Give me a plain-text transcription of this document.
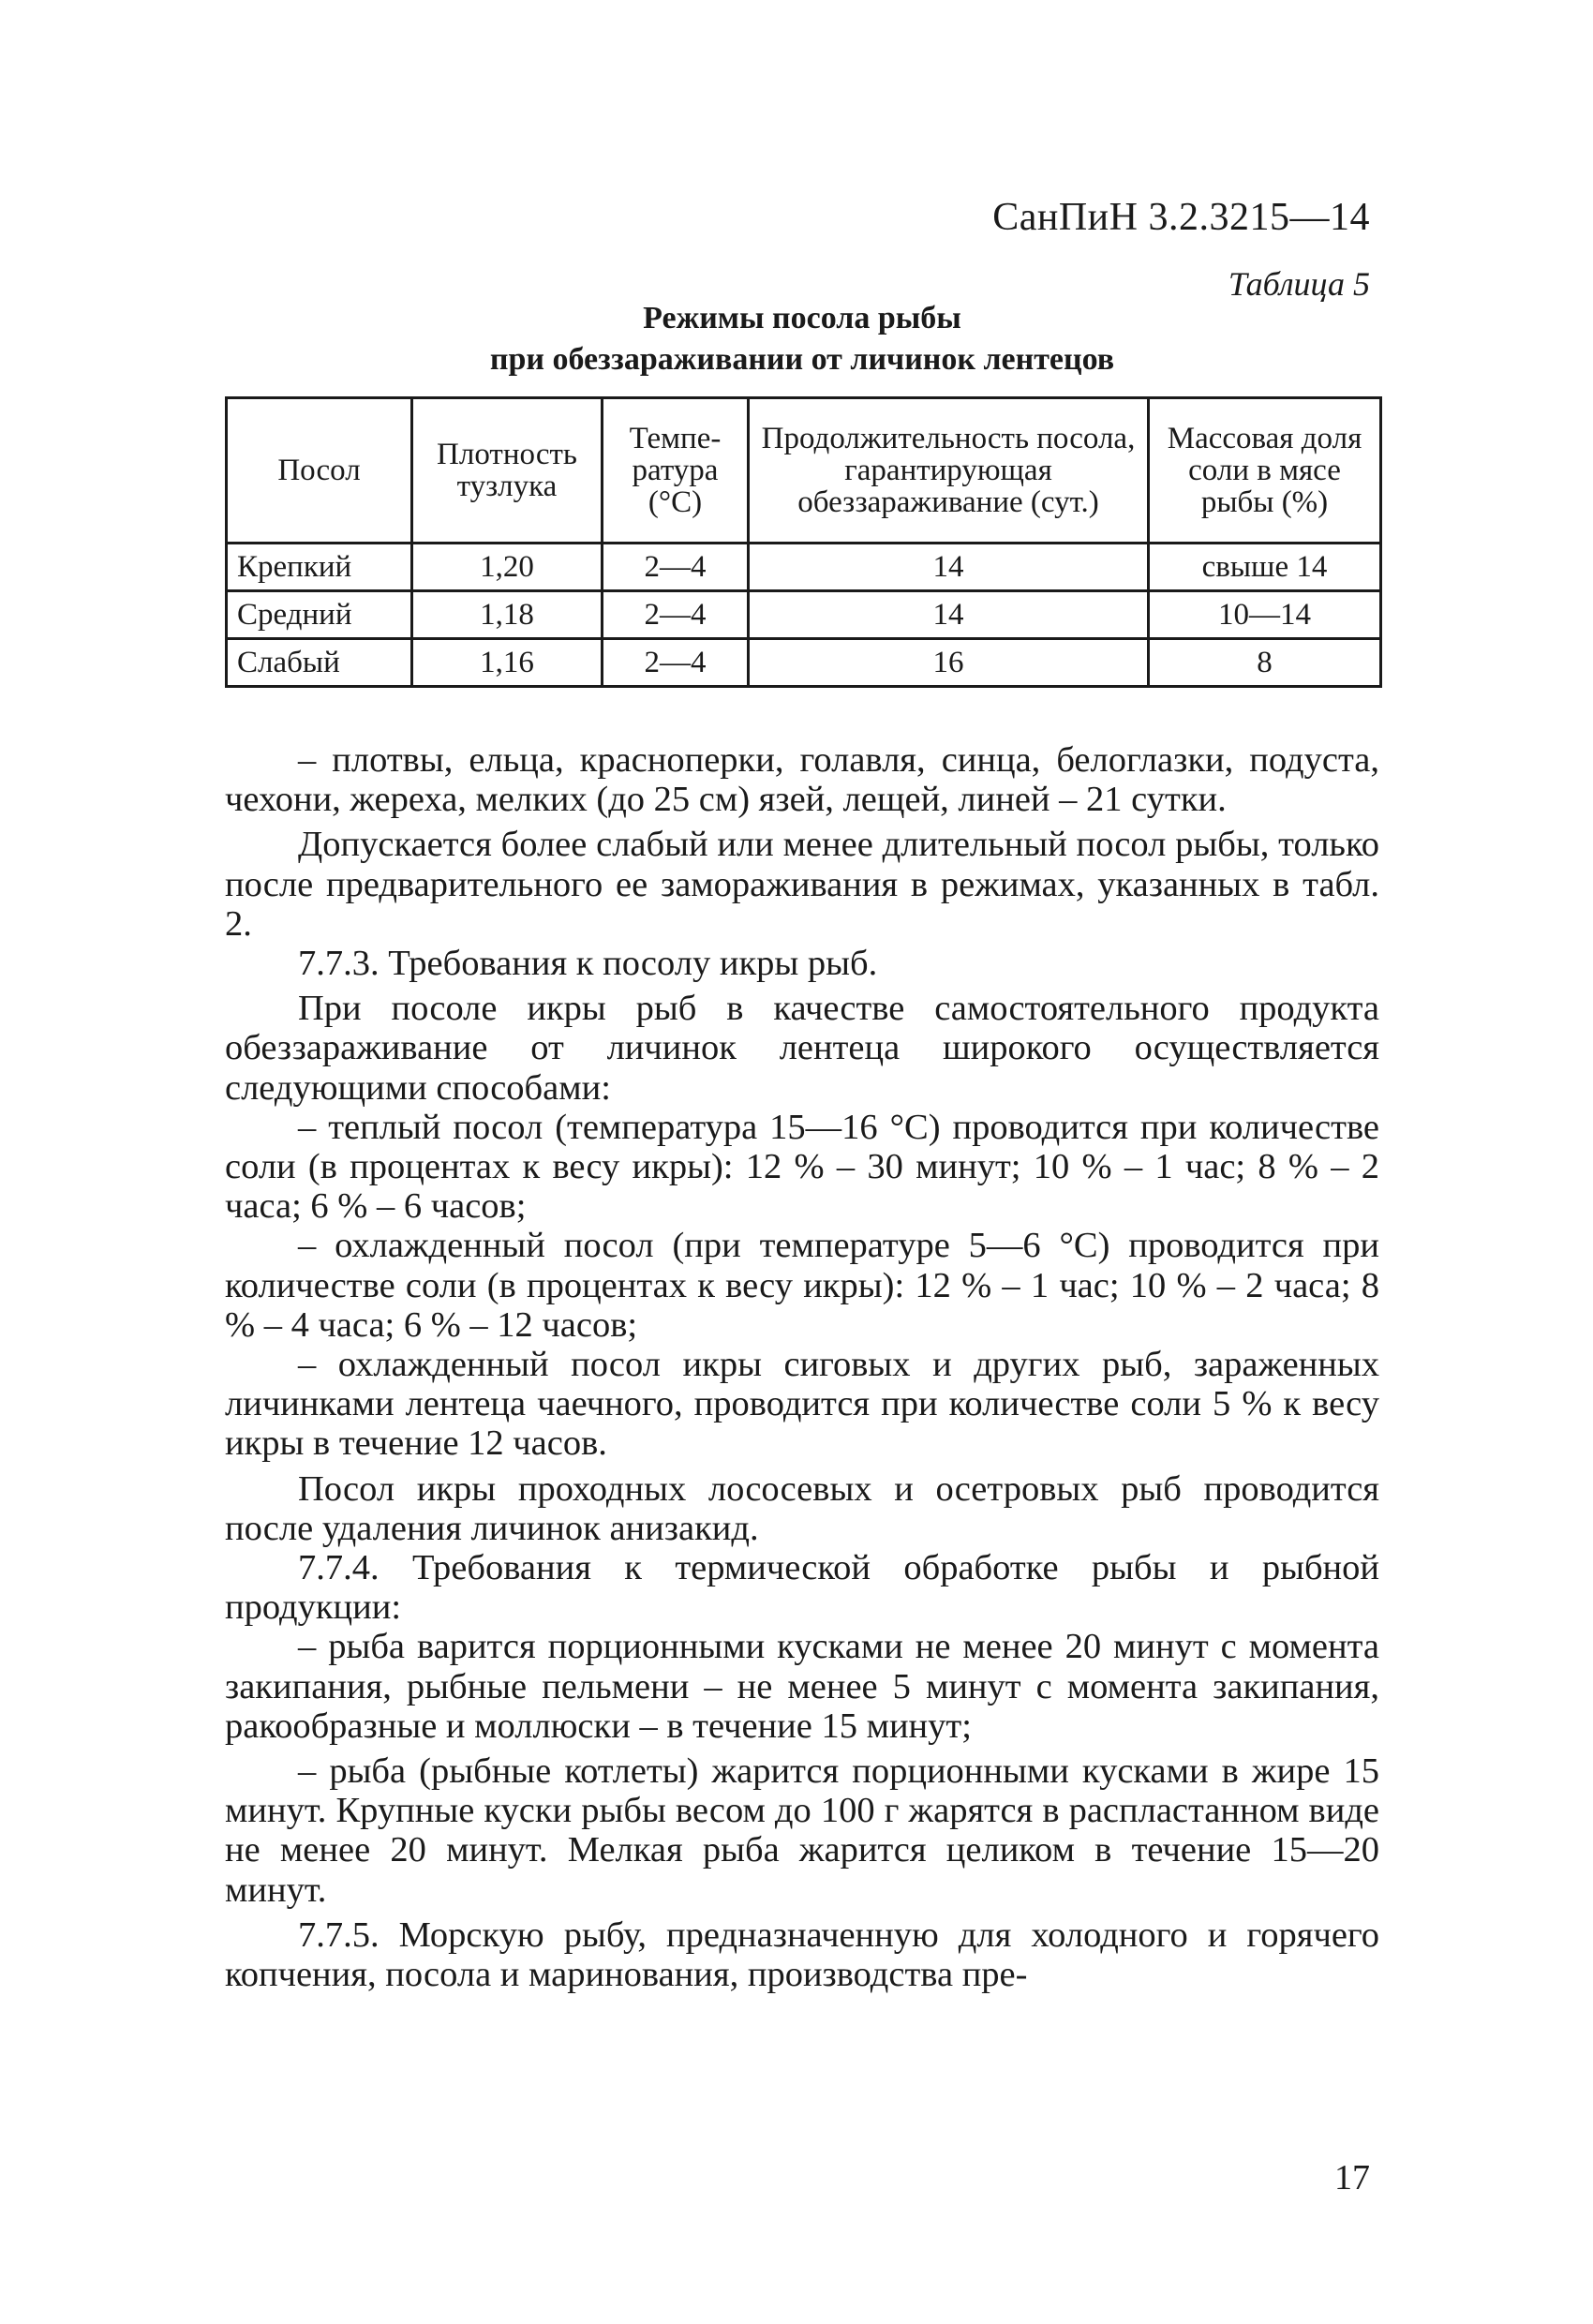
СанПиН 3.2.3215—14
Таблица 5
Режимы посола рыбы
при обеззараживании от личинок лентецов
Посол	Плотность тузлука	Темпе-ратура (°С)	Продолжительность посола, гарантирующая обеззараживание (сут.)	Массовая доля соли в мясе рыбы (%)
Крепкий	1,20	2—4	14	свыше 14
Средний	1,18	2—4	14	10—14
Слабый	1,16	2—4	16	8

– плотвы, ельца, красноперки, голавля, синца, белоглазки, подуста, чехони, жереха, мелких (до 25 см) язей, лещей, линей – 21 сутки.

Допускается более слабый или менее длительный посол рыбы, только после предварительного ее замораживания в режимах, указанных в табл. 2.

7.7.3. Требования к посолу икры рыб.

При посоле икры рыб в качестве самостоятельного продукта обеззараживание от личинок лентеца широкого осуществляется следующими способами:

– теплый посол (температура 15—16 °С) проводится при количестве соли (в процентах к весу икры): 12 % – 30 минут; 10 % – 1 час; 8 % – 2 часа; 6 % – 6 часов;

– охлажденный посол (при температуре 5—6 °С) проводится при количестве соли (в процентах к весу икры): 12 % – 1 час; 10 % – 2 часа; 8 % – 4 часа; 6 % – 12 часов;

– охлажденный посол икры сиговых и других рыб, зараженных личинками лентеца чаечного, проводится при количестве соли 5 % к весу икры в течение 12 часов.

Посол икры проходных лососевых и осетровых рыб проводится после удаления личинок анизакид.

7.7.4. Требования к термической обработке рыбы и рыбной продукции:

– рыба варится порционными кусками не менее 20 минут с момента закипания, рыбные пельмени – не менее 5 минут с момента закипания, ракообразные и моллюски – в течение 15 минут;

– рыба (рыбные котлеты) жарится порционными кусками в жире 15 минут. Крупные куски рыбы весом до 100 г жарятся в распластанном виде не менее 20 минут. Мелкая рыба жарится целиком в течение 15—20 минут.

7.7.5. Морскую рыбу, предназначенную для холодного и горячего копчения, посола и маринования, производства пре-

17
